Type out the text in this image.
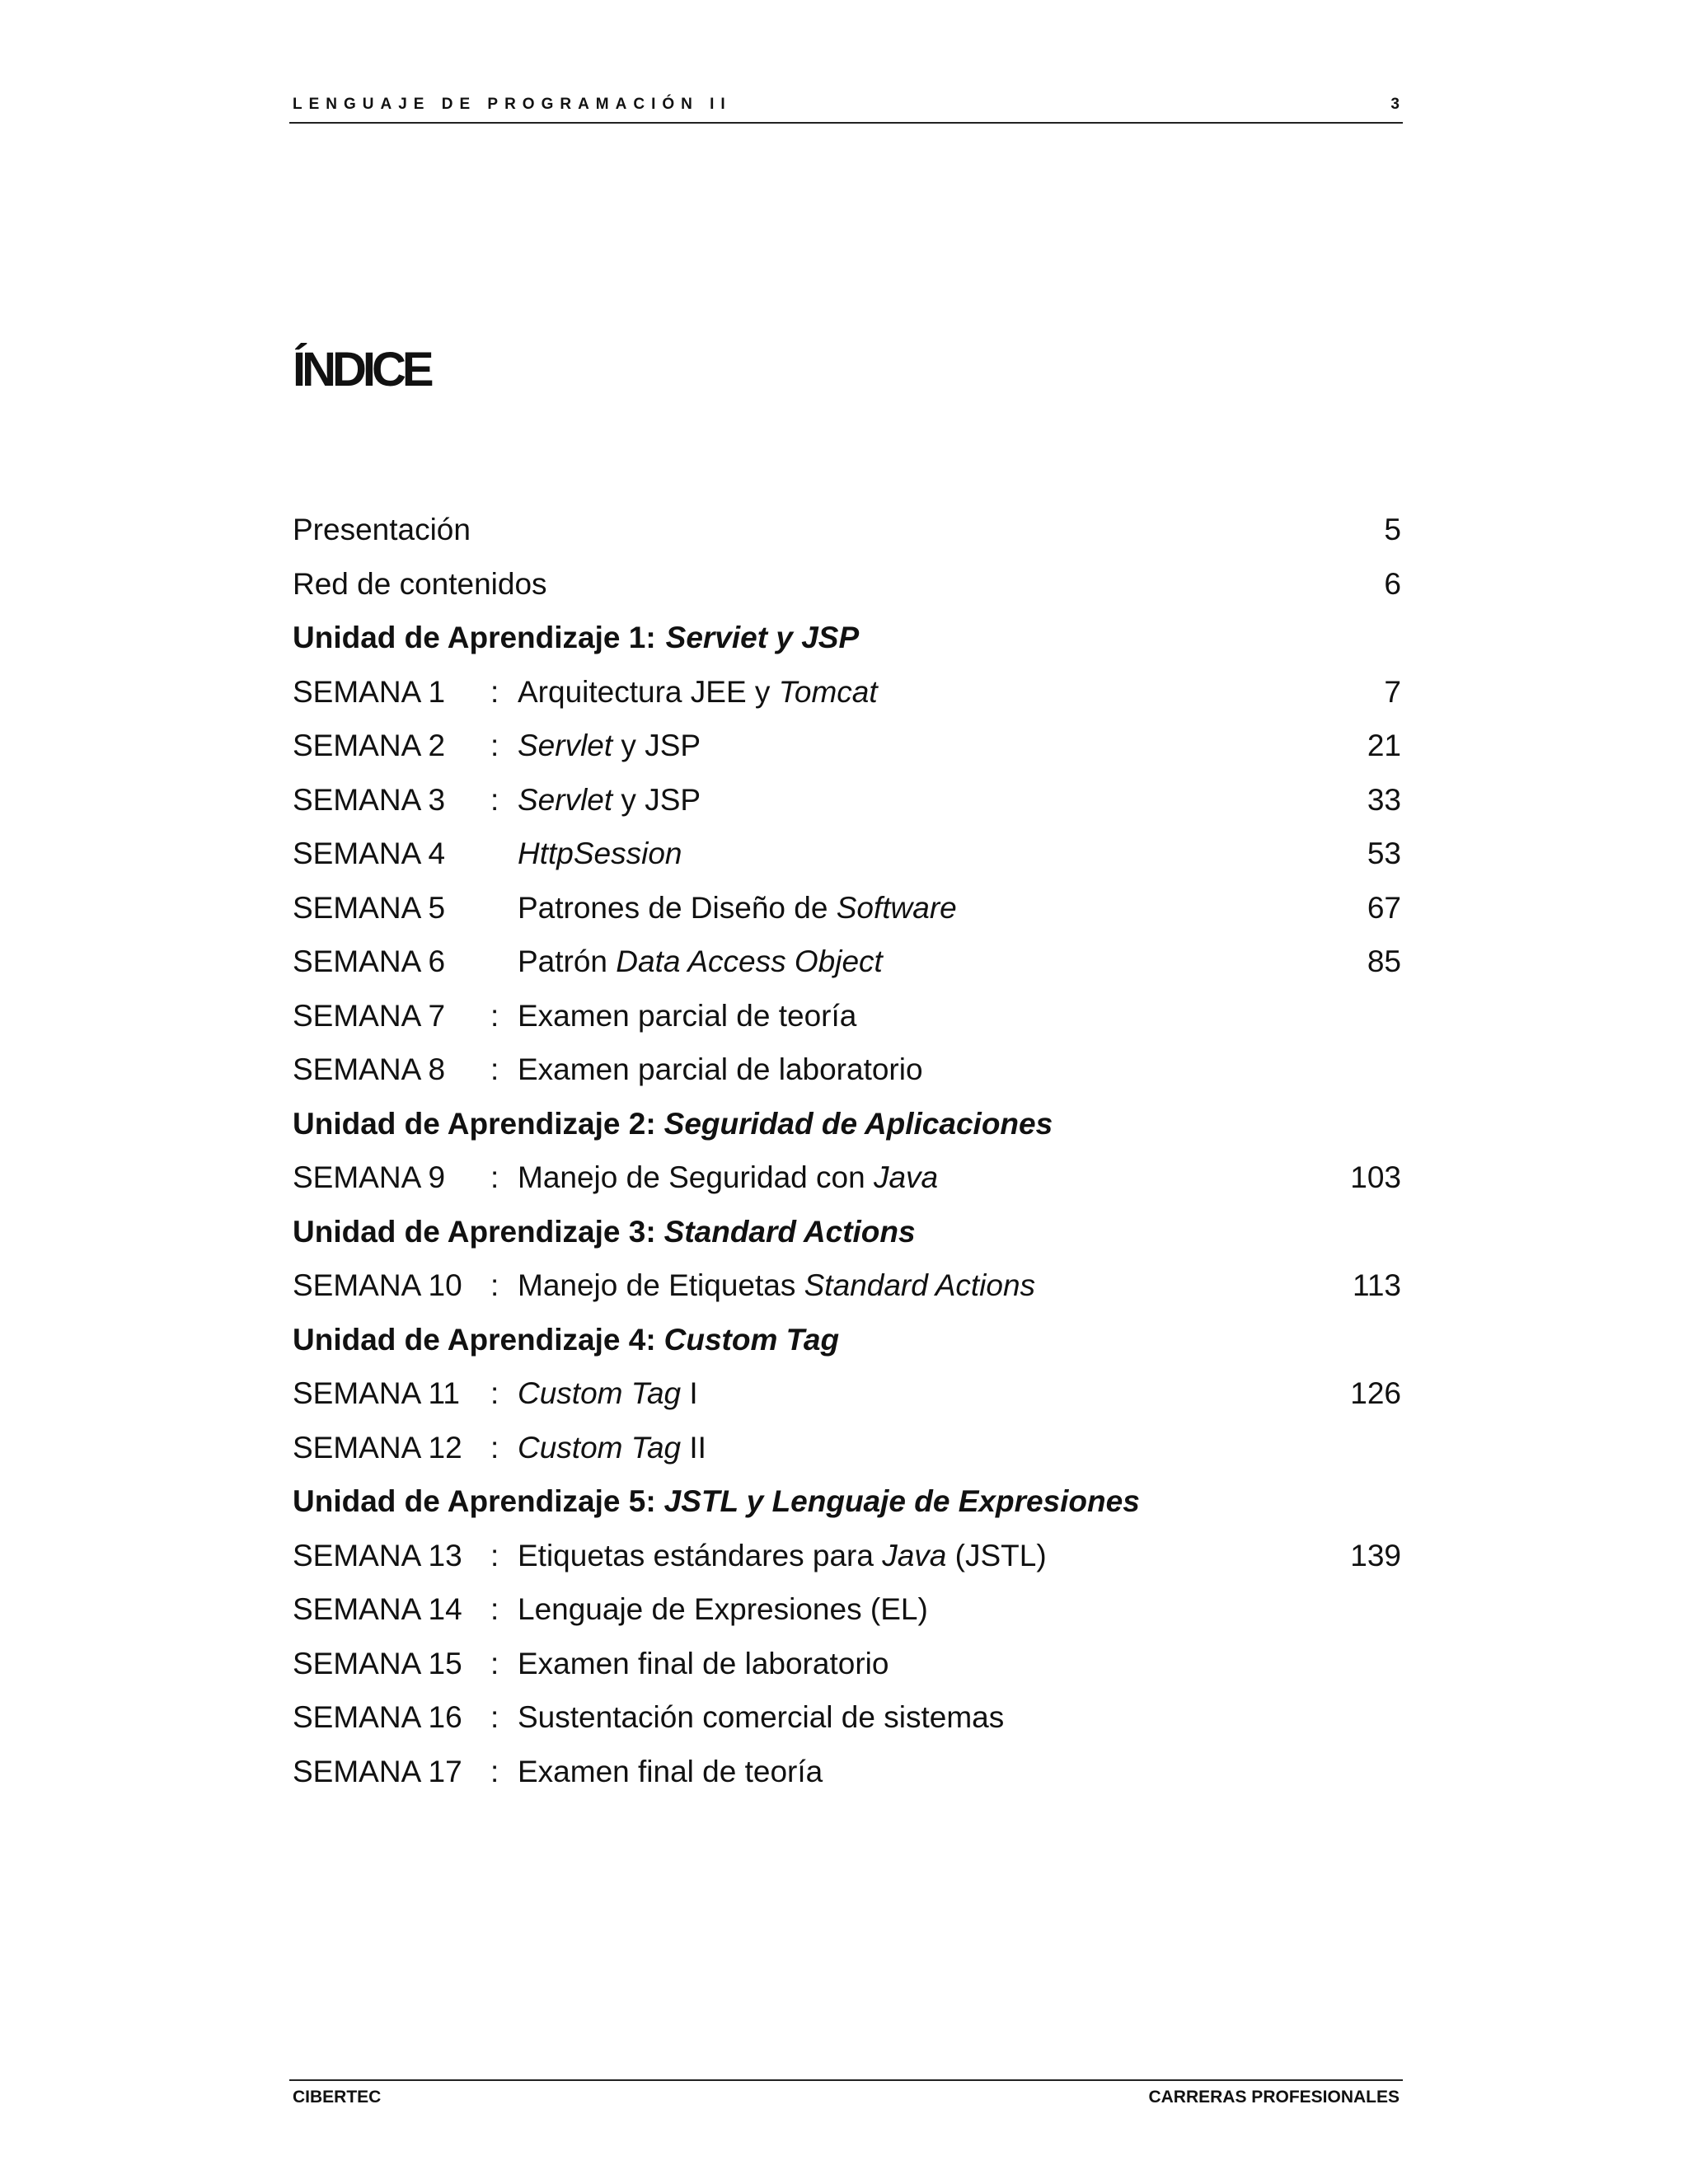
LENGUAJE DE PROGRAMACIÓN II	3
ÍNDICE
Presentación	5
Red de contenidos	6
Unidad de Aprendizaje 1: Serviet y JSP
SEMANA 1 : Arquitectura JEE y Tomcat	7
SEMANA 2 : Servlet y JSP	21
SEMANA 3 : Servlet y JSP	33
SEMANA 4 HttpSession	53
SEMANA 5 Patrones de Diseño de Software	67
SEMANA 6 Patrón Data Access Object	85
SEMANA 7 : Examen parcial de teoría
SEMANA 8 : Examen parcial de laboratorio
Unidad de Aprendizaje 2: Seguridad de Aplicaciones
SEMANA 9 : Manejo de Seguridad con Java	103
Unidad de Aprendizaje 3: Standard Actions
SEMANA 10 : Manejo de Etiquetas Standard Actions	113
Unidad de Aprendizaje 4: Custom Tag
SEMANA 11 : Custom Tag I	126
SEMANA 12 : Custom Tag II
Unidad de Aprendizaje 5: JSTL y Lenguaje de Expresiones
SEMANA 13 : Etiquetas estándares para Java (JSTL)	139
SEMANA 14 : Lenguaje de Expresiones (EL)
SEMANA 15 : Examen final de laboratorio
SEMANA 16 : Sustentación comercial de sistemas
SEMANA 17 : Examen final de teoría
CIBERTEC	CARRERAS PROFESIONALES
